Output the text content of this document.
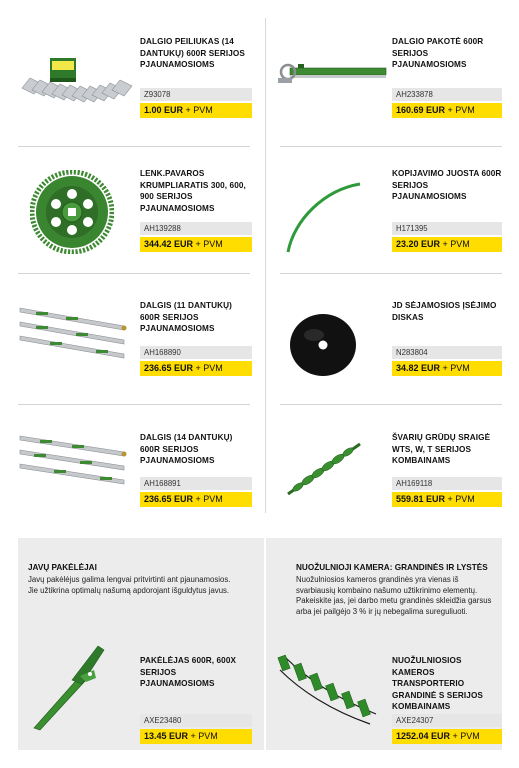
DALGIO PEILIUKAS (14 DANTUKŲ) 600R SERIJOS PJAUNAMOSIOMS
Z93078
1.00 EUR + PVM
DALGIO PAKOTĖ 600R SERIJOS PJAUNAMOSIOMS
AH233878
160.69 EUR + PVM
LENK.PAVAROS KRUMPLIARATIS 300, 600, 900 SERIJOS PJAUNAMOSIOMS
AH139288
344.42 EUR + PVM
KOPIJAVIMO JUOSTA 600R SERIJOS PJAUNAMOSIOMS
H171395
23.20 EUR + PVM
DALGIS (11 DANTUKŲ) 600R SERIJOS PJAUNAMOSIOMS
AH168890
236.65 EUR + PVM
JD SĖJAMOSIOS ĮSĖJIMO DISKAS
N283804
34.82 EUR + PVM
DALGIS (14 DANTUKŲ) 600R SERIJOS PJAUNAMOSIOMS
AH168891
236.65 EUR + PVM
ŠVARIŲ GRŪDŲ SRAIGĖ WTS, W, T SERIJOS KOMBAINAMS
AH169118
559.81 EUR + PVM
JAVŲ PAKĖLĖJAI
Javų pakėlėjus galima lengvai pritvirtinti ant pjaunamosios. Jie užtikrina optimalų našumą apdorojant išguldytus javus.
PAKĖLĖJAS 600R, 600X SERIJOS PJAUNAMOSIOMS
AXE23480
13.45 EUR + PVM
NUOŽULNIOJI KAMERA: GRANDINĖS IR LYSTĖS
Nuožulniosios kameros grandinės yra vienas iš svarbiausių kombaino našumo užtikrinimo elementų. Pakeiskite jas, jei darbo metu grandinės skleidžia garsus arba jei pailgėjo 3 % ir jų nebegalima sureguliuoti.
NUOŽULNIOSIOS KAMEROS TRANSPORTERIO GRANDINĖ S SERIJOS KOMBAINAMS
AXE24307
1252.04 EUR + PVM
